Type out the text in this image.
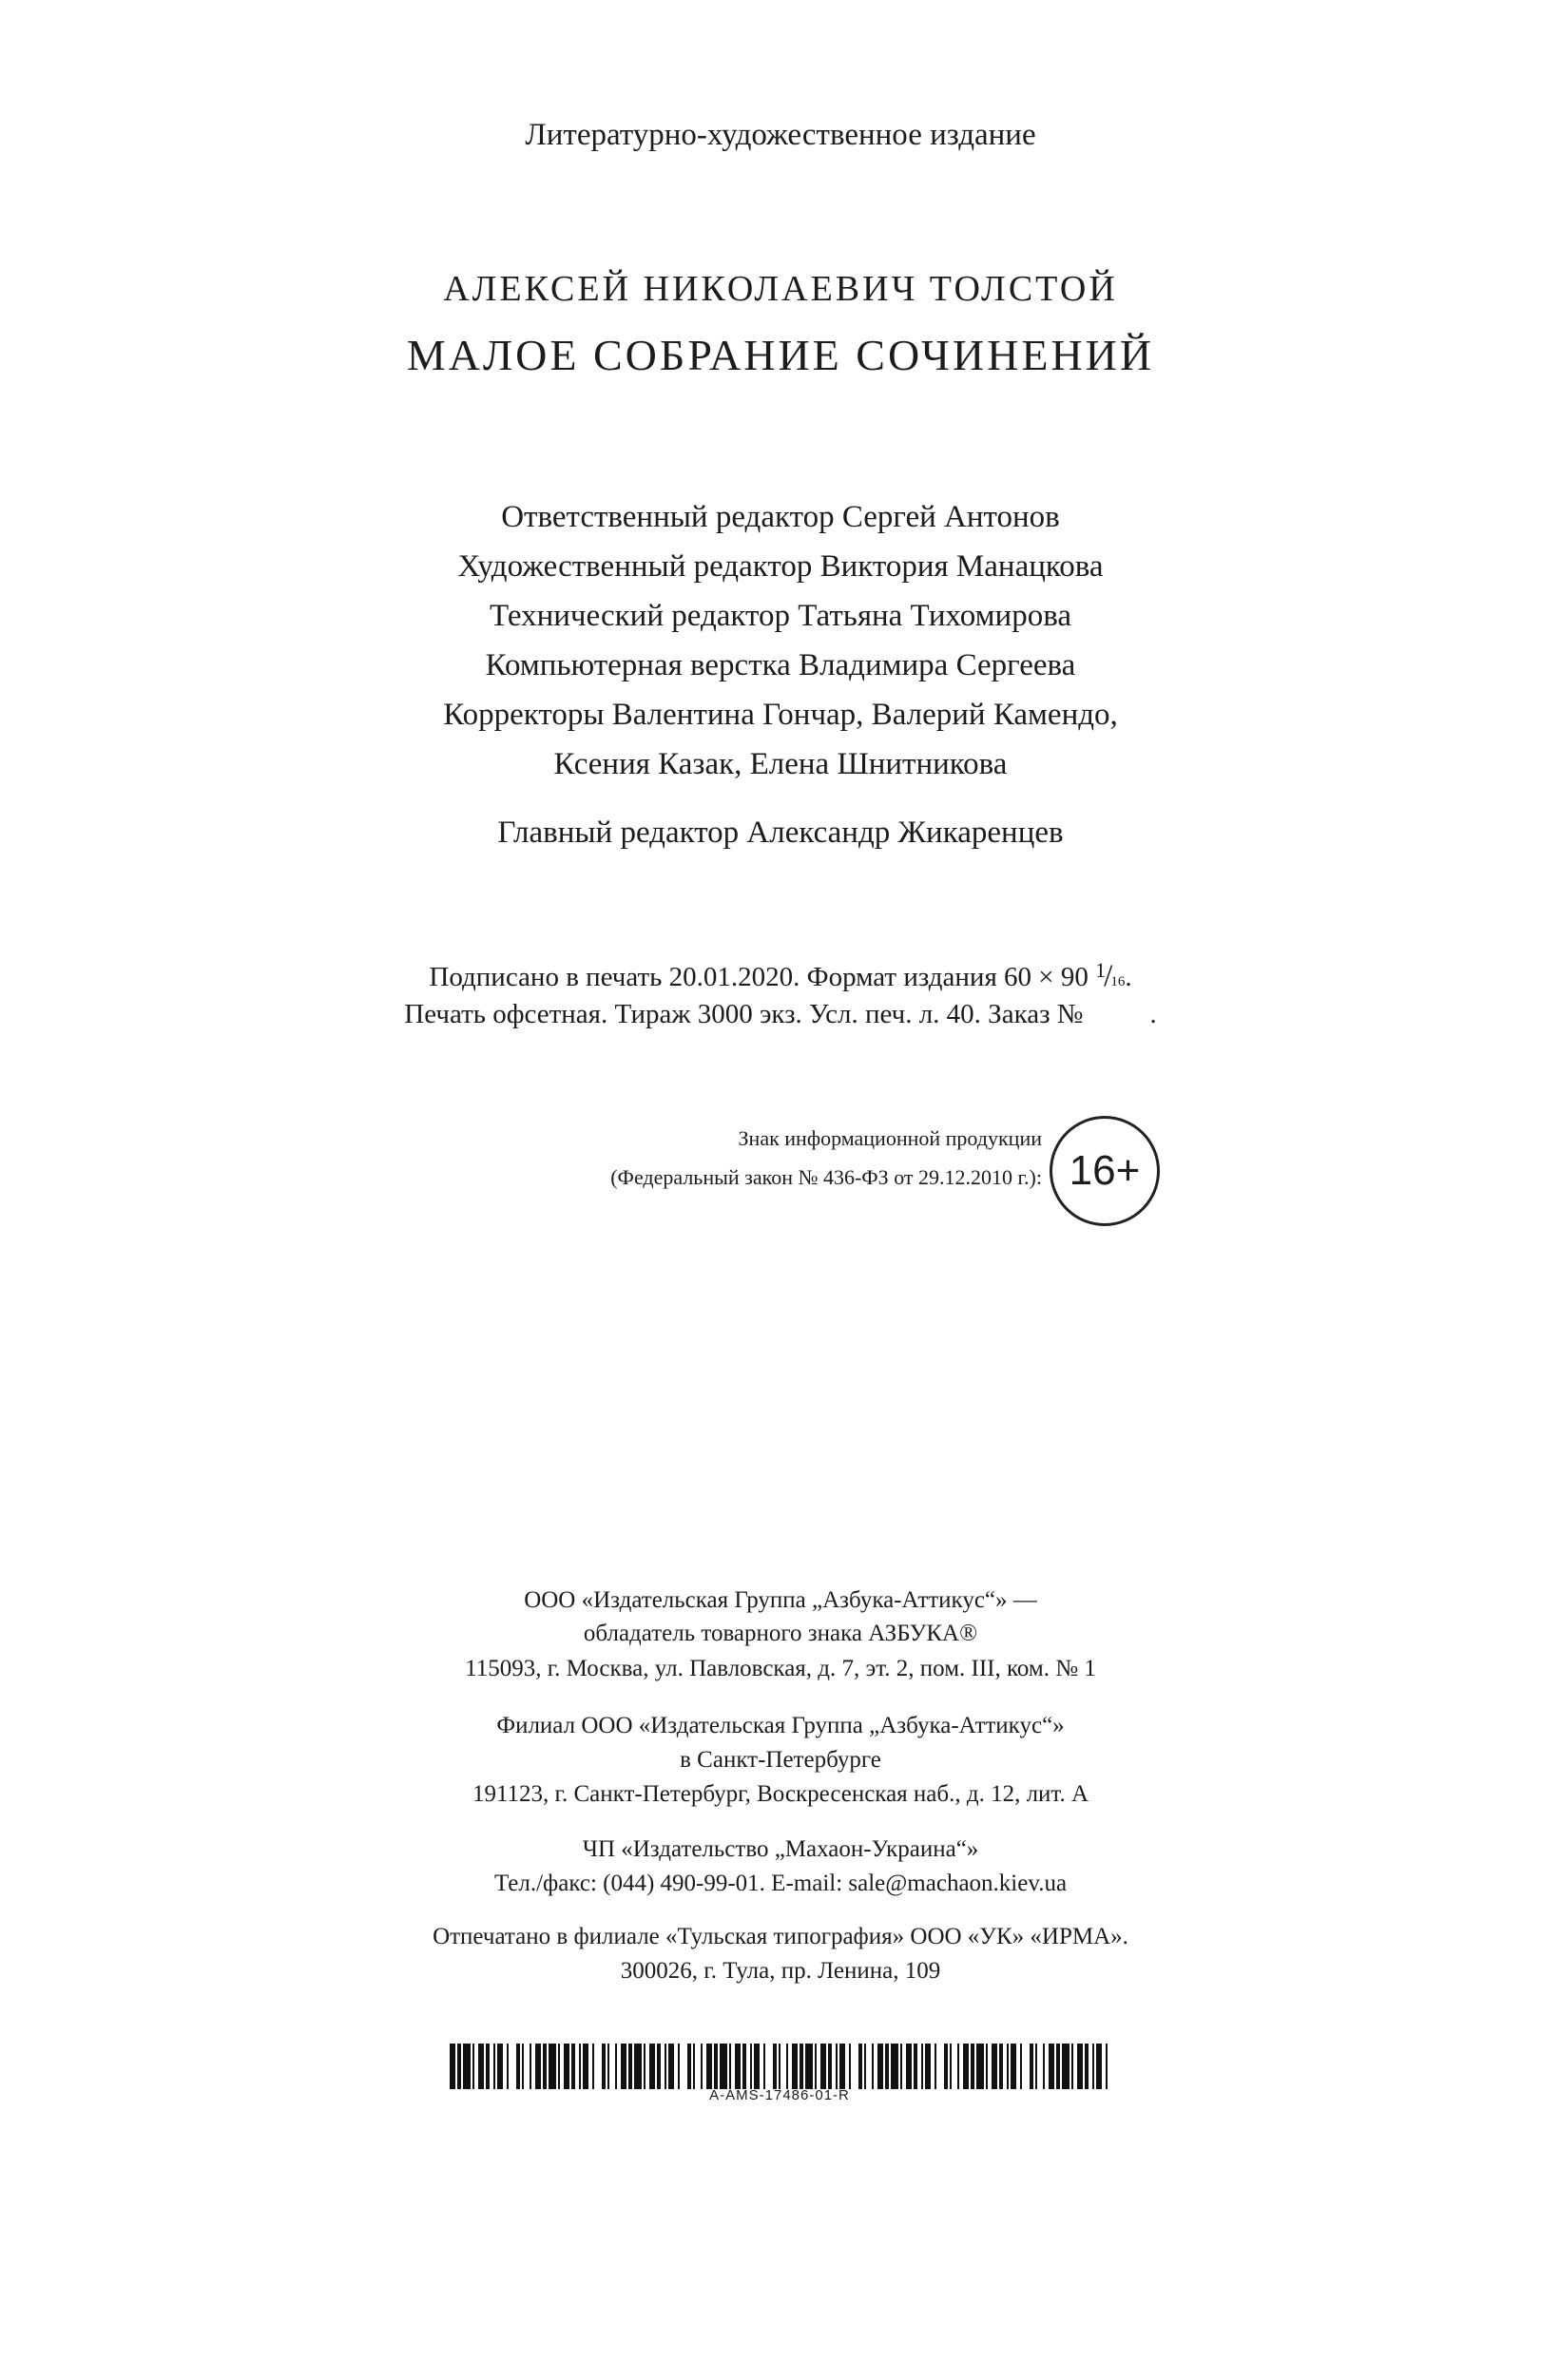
Литературно-художественное издание
АЛЕКСЕЙ НИКОЛАЕВИЧ ТОЛСТОЙ
МАЛОЕ СОБРАНИЕ СОЧИНЕНИЙ
Ответственный редактор Сергей Антонов
Художественный редактор Виктория Манацкова
Технический редактор Татьяна Тихомирова
Компьютерная верстка Владимира Сергеева
Корректоры Валентина Гончар, Валерий Камендо,
Ксения Казак, Елена Шнитникова
Главный редактор Александр Жикаренцев
Подписано в печать 20.01.2020. Формат издания 60 × 90 $^1$/16.
Печать офсетная. Тираж 3000 экз. Усл. печ. л. 40. Заказ № .
Знак информационной продукции
(Федеральный закон № 436-ФЗ от 29.12.2010 г.): 16+
ООО «Издательская Группа „Азбука-Аттикус“» —
обладатель товарного знака АЗБУКА®
115093, г. Москва, ул. Павловская, д. 7, эт. 2, пом. III, ком. № 1
Филиал ООО «Издательская Группа „Азбука-Аттикус“»
в Санкт-Петербурге
191123, г. Санкт-Петербург, Воскресенская наб., д. 12, лит. А
ЧП «Издательство „Махаон-Украина“»
Тел./факс: (044) 490-99-01. E-mail: sale@machaon.kiev.ua
Отпечатано в филиале «Тульская типография» ООО «УК» «ИРМА».
300026, г. Тула, пр. Ленина, 109
A-AMS-17486-01-R
